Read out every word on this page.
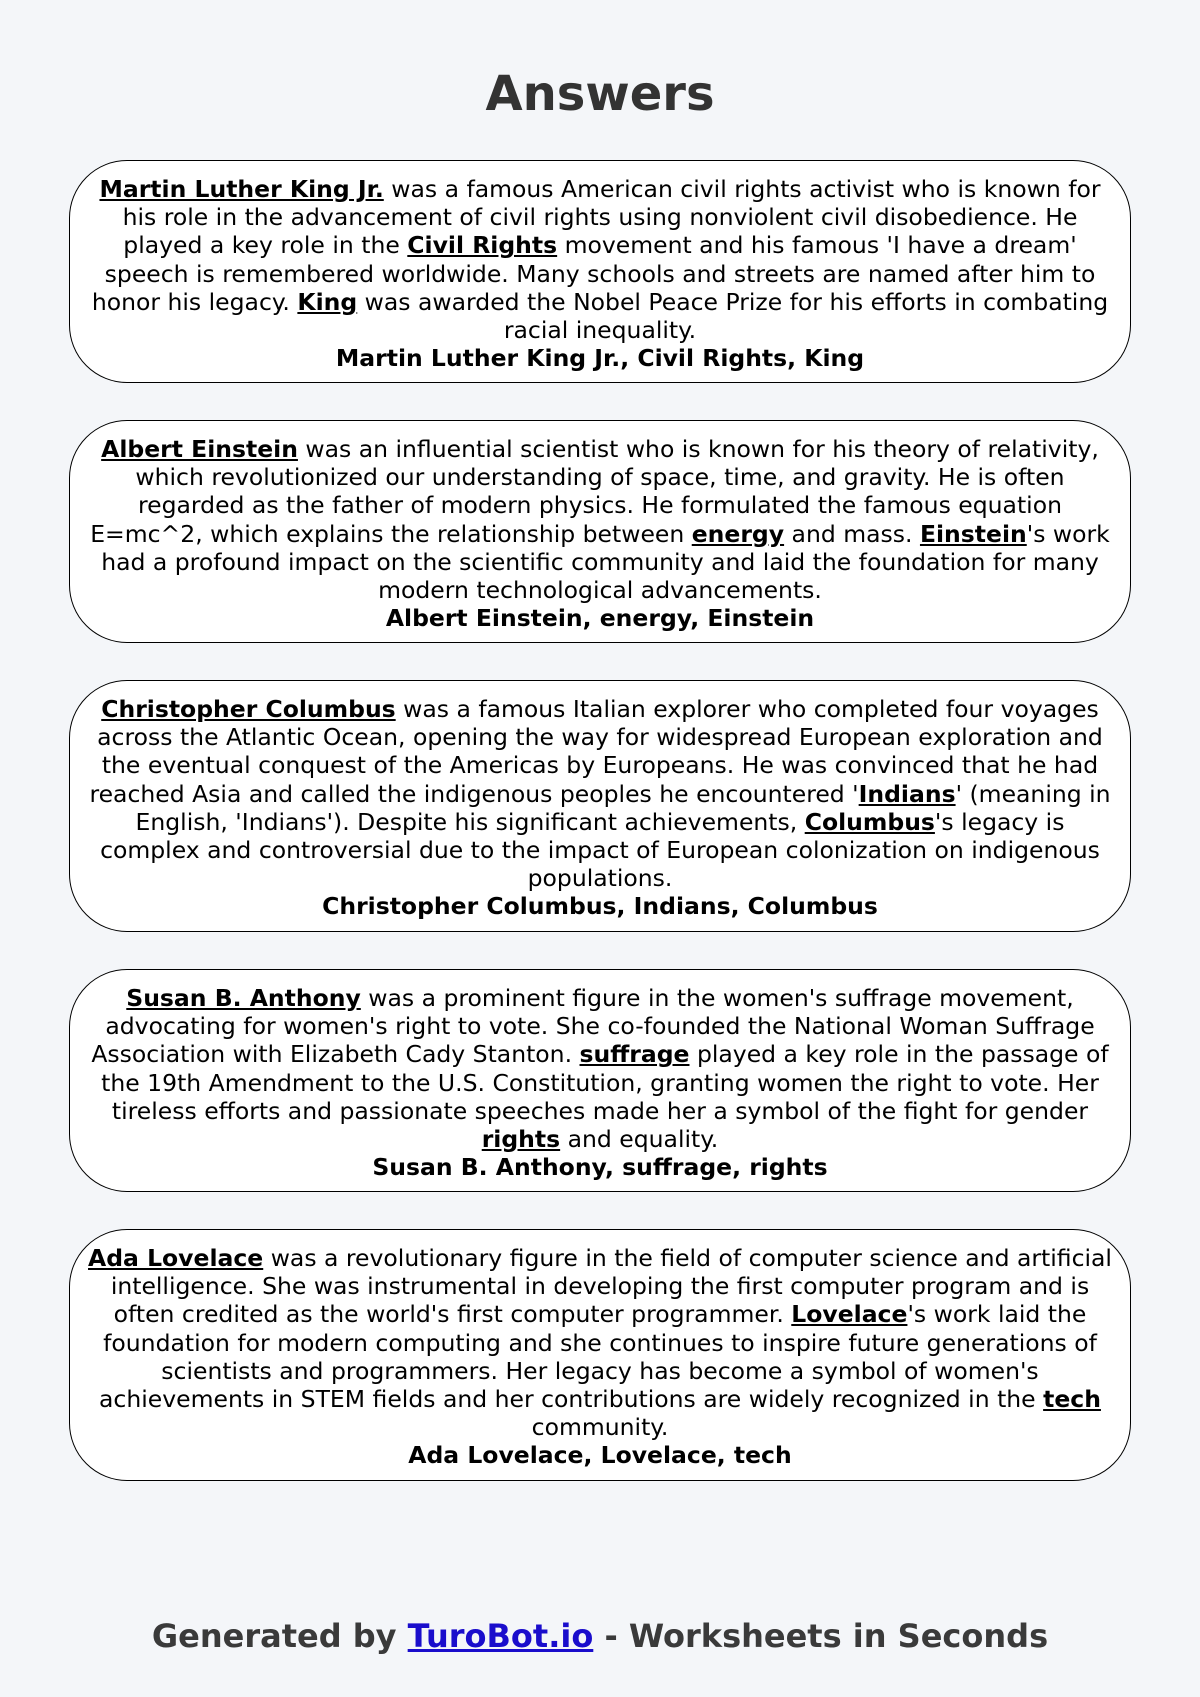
Answers

Martin Luther King Jr. was a famous American civil rights activist who is known for his role in the advancement of civil rights using nonviolent civil disobedience. He played a key role in the Civil Rights movement and his famous 'I have a dream' speech is remembered worldwide. Many schools and streets are named after him to honor his legacy. King was awarded the Nobel Peace Prize for his efforts in combating racial inequality.

Martin Luther King Jr., Civil Rights, King

Albert Einstein was an influential scientist who is known for his theory of relativity, which revolutionized our understanding of space, time, and gravity. He is often regarded as the father of modern physics. He formulated the famous equation E=mc^2, which explains the relationship between energy and mass. Einstein's work had a profound impact on the scientific community and laid the foundation for many modern technological advancements.

Albert Einstein, energy, Einstein

Christopher Columbus was a famous Italian explorer who completed four voyages across the Atlantic Ocean, opening the way for widespread European exploration and the eventual conquest of the Americas by Europeans. He was convinced that he had reached Asia and called the indigenous peoples he encountered 'Indians' (meaning in English, 'Indians'). Despite his significant achievements, Columbus's legacy is complex and controversial due to the impact of European colonization on indigenous populations.

Christopher Columbus, Indians, Columbus

Susan B. Anthony was a prominent figure in the women's suffrage movement, advocating for women's right to vote. She co-founded the National Woman Suffrage Association with Elizabeth Cady Stanton. suffrage played a key role in the passage of the 19th Amendment to the U.S. Constitution, granting women the right to vote. Her tireless efforts and passionate speeches made her a symbol of the fight for gender rights and equality.

Susan B. Anthony, suffrage, rights

Ada Lovelace was a revolutionary figure in the field of computer science and artificial intelligence. She was instrumental in developing the first computer program and is often credited as the world's first computer programmer. Lovelace's work laid the foundation for modern computing and she continues to inspire future generations of scientists and programmers. Her legacy has become a symbol of women's achievements in STEM fields and her contributions are widely recognized in the tech community.

Ada Lovelace, Lovelace, tech

Generated by TuroBot.io - Worksheets in Seconds
